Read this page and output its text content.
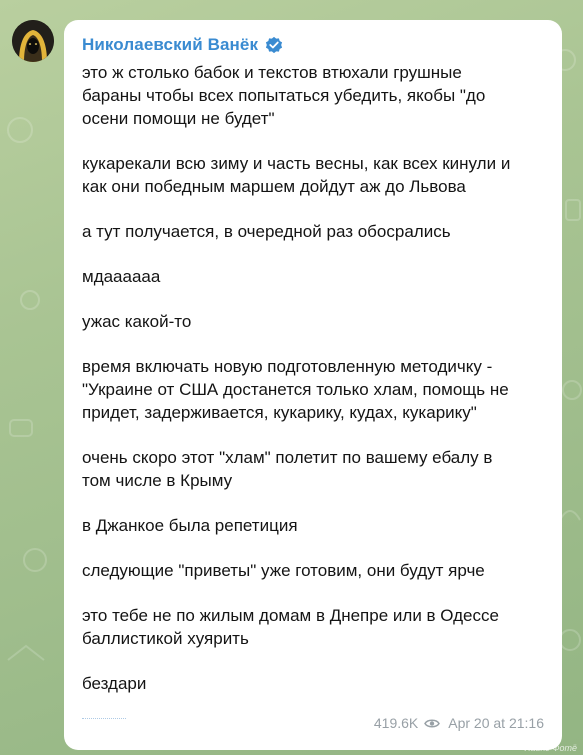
Николаевский Ванёк

это ж столько бабок и текстов втюхали грушные
бараны чтобы всех попытаться убедить, якобы "до
осени помощи не будет"

кукарекали всю зиму и часть весны, как всех кинули и
как они победным маршем дойдут аж до Львова

а тут получается, в очередной раз обосрались

мдаааааа

ужас какой-то

время включать новую подготовленную методичку -
"Украине от США достанется только хлам, помощь не
придет, задерживается, кукарику, кудах, кукарику"

очень скоро этот "хлам" полетит по вашему ебалу в
том числе в Крыму

в Джанкое была репетиция

следующие "приветы" уже готовим, они будут ярче

это тебе не по жилым домам в Днепре или в Одессе
баллистикой хуярить

бездари

419.6K Apr 20 at 21:16
Хайнэ Фотё
